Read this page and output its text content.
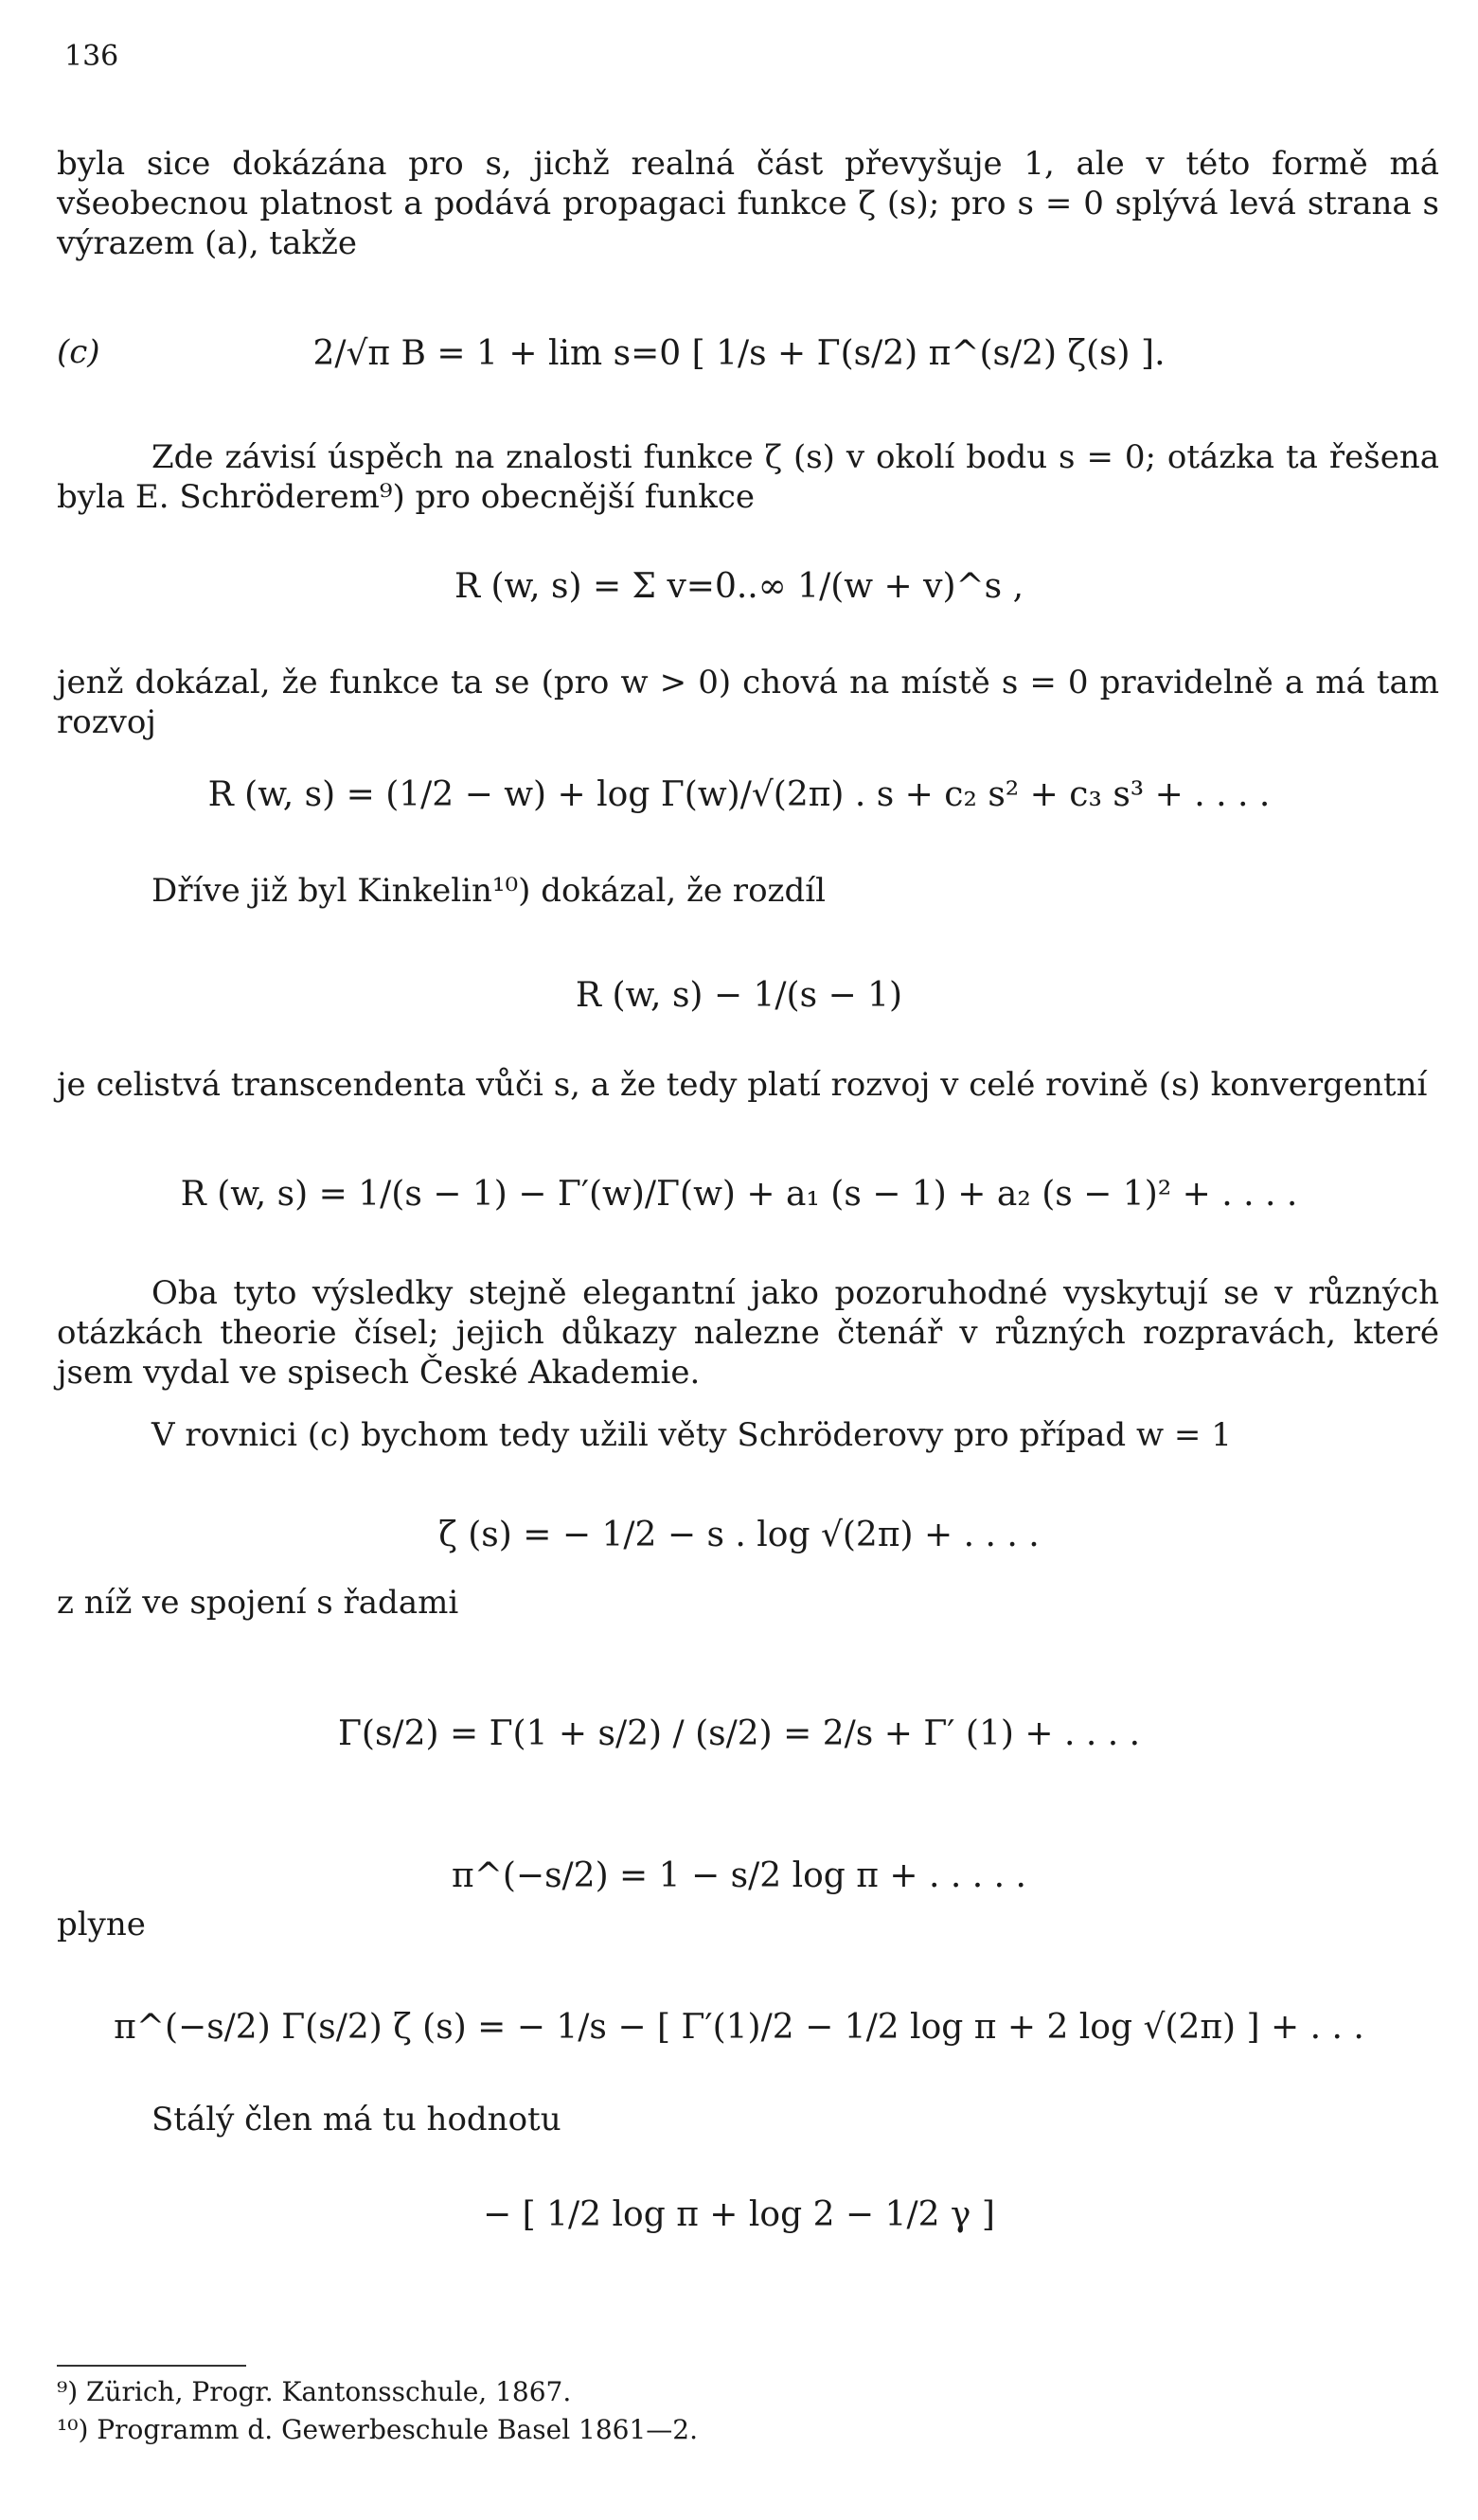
136

byla sice dokázána pro s, jichž realná část převyšuje 1, ale v této formě má všeobecnou platnost a podává propagaci funkce ζ (s); pro s = 0 splývá levá strana s výrazem (a), takže

(c)	2/√π B = 1 + lim s=0 [ 1/s + Γ(s/2) π^(s/2) ζ(s) ].

Zde závisí úspěch na znalosti funkce ζ (s) v okolí bodu s = 0; otázka ta řešena byla E. Schröderem⁹) pro obecnější funkce

R (w, s) = Σ v=0..∞ 1/(w + v)^s ,

jenž dokázal, že funkce ta se (pro w > 0) chová na místě s = 0 pravidelně a má tam rozvoj

R (w, s) = (1/2 − w) + log Γ(w)/√(2π) . s + c₂ s² + c₃ s³ + . . . .

Dříve již byl Kinkelin¹⁰) dokázal, že rozdíl

R (w, s) − 1/(s − 1)

je celistvá transcendenta vůči s, a že tedy platí rozvoj v celé rovině (s) konvergentní

R (w, s) = 1/(s − 1) − Γ′(w)/Γ(w) + a₁ (s − 1) + a₂ (s − 1)² + . . . .

Oba tyto výsledky stejně elegantní jako pozoruhodné vyskytují se v různých otázkách theorie čísel; jejich důkazy nalezne čtenář v různých rozpravách, které jsem vydal ve spisech České Akademie.

V rovnici (c) bychom tedy užili věty Schröderovy pro případ w = 1

ζ (s) = − 1/2 − s . log √(2π) + . . . .

z níž ve spojení s řadami

Γ(s/2) = Γ(1 + s/2) / (s/2) = 2/s + Γ′ (1) + . . . .
π^(−s/2) = 1 − s/2 log π + . . . . .

plyne

π^(−s/2) Γ(s/2) ζ (s) = − 1/s − [ Γ′(1)/2 − 1/2 log π + 2 log √(2π) ] + . . .

Stálý člen má tu hodnotu

− [ 1/2 log π + log 2 − 1/2 γ ]
⁹) Zürich, Progr. Kantonsschule, 1867.
¹⁰) Programm d. Gewerbeschule Basel 1861—2.
